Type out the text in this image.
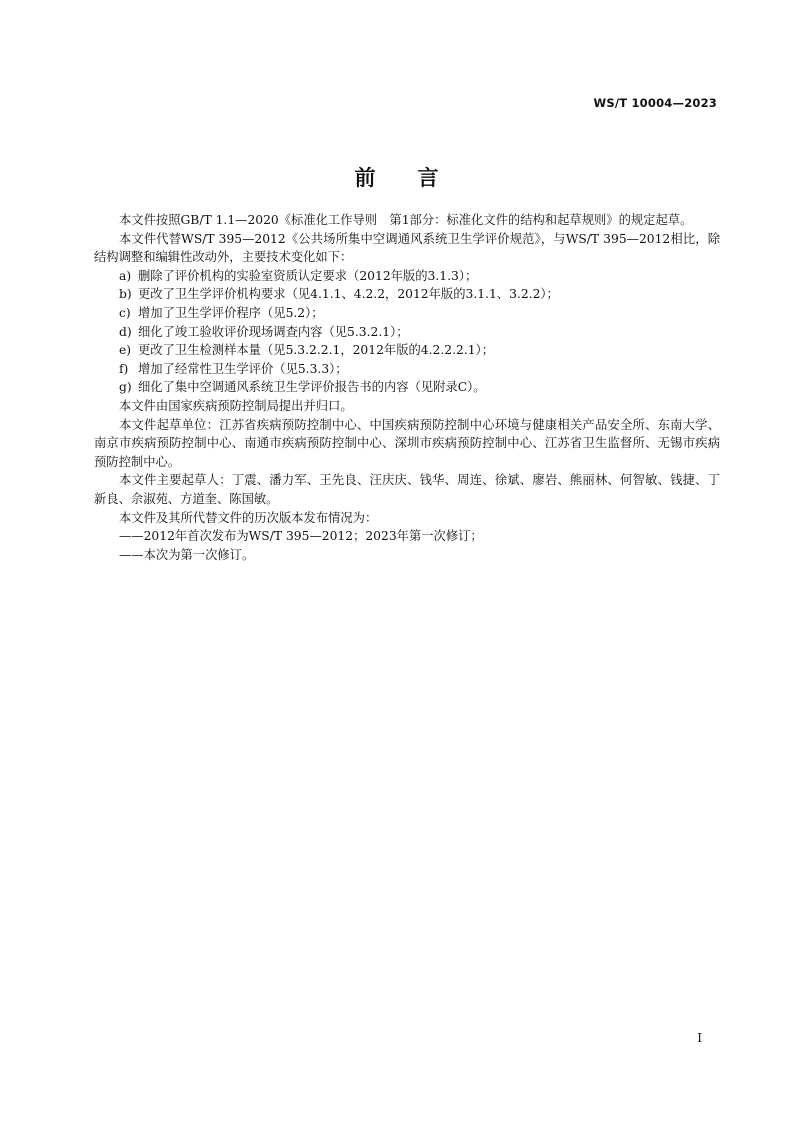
WS/T 10004—2023
前言

本文件按照GB/T 1.1—2020《标准化工作导则　第1部分：标准化文件的结构和起草规则》的规定起草。

本文件代替WS/T 395—2012《公共场所集中空调通风系统卫生学评价规范》，与WS/T 395—2012相比，除结构调整和编辑性改动外，主要技术变化如下：

a) 删除了评价机构的实验室资质认定要求（2012年版的3.1.3）；

b) 更改了卫生学评价机构要求（见4.1.1、4.2.2，2012年版的3.1.1、3.2.2）；

c) 增加了卫生学评价程序（见5.2）；

d) 细化了竣工验收评价现场调查内容（见5.3.2.1）；

e) 更改了卫生检测样本量（见5.3.2.2.1，2012年版的4.2.2.2.1）；

f) 增加了经常性卫生学评价（见5.3.3）；

g) 细化了集中空调通风系统卫生学评价报告书的内容（见附录C）。

本文件由国家疾病预防控制局提出并归口。

本文件起草单位：江苏省疾病预防控制中心、中国疾病预防控制中心环境与健康相关产品安全所、东南大学、南京市疾病预防控制中心、南通市疾病预防控制中心、深圳市疾病预防控制中心、江苏省卫生监督所、无锡市疾病预防控制中心。

本文件主要起草人：丁震、潘力军、王先良、汪庆庆、钱华、周连、徐斌、廖岩、熊丽林、何智敏、钱捷、丁新良、佘淑苑、方道奎、陈国敏。

本文件及其所代替文件的历次版本发布情况为：

——2012年首次发布为WS/T 395—2012；2023年第一次修订；

——本次为第一次修订。

I
